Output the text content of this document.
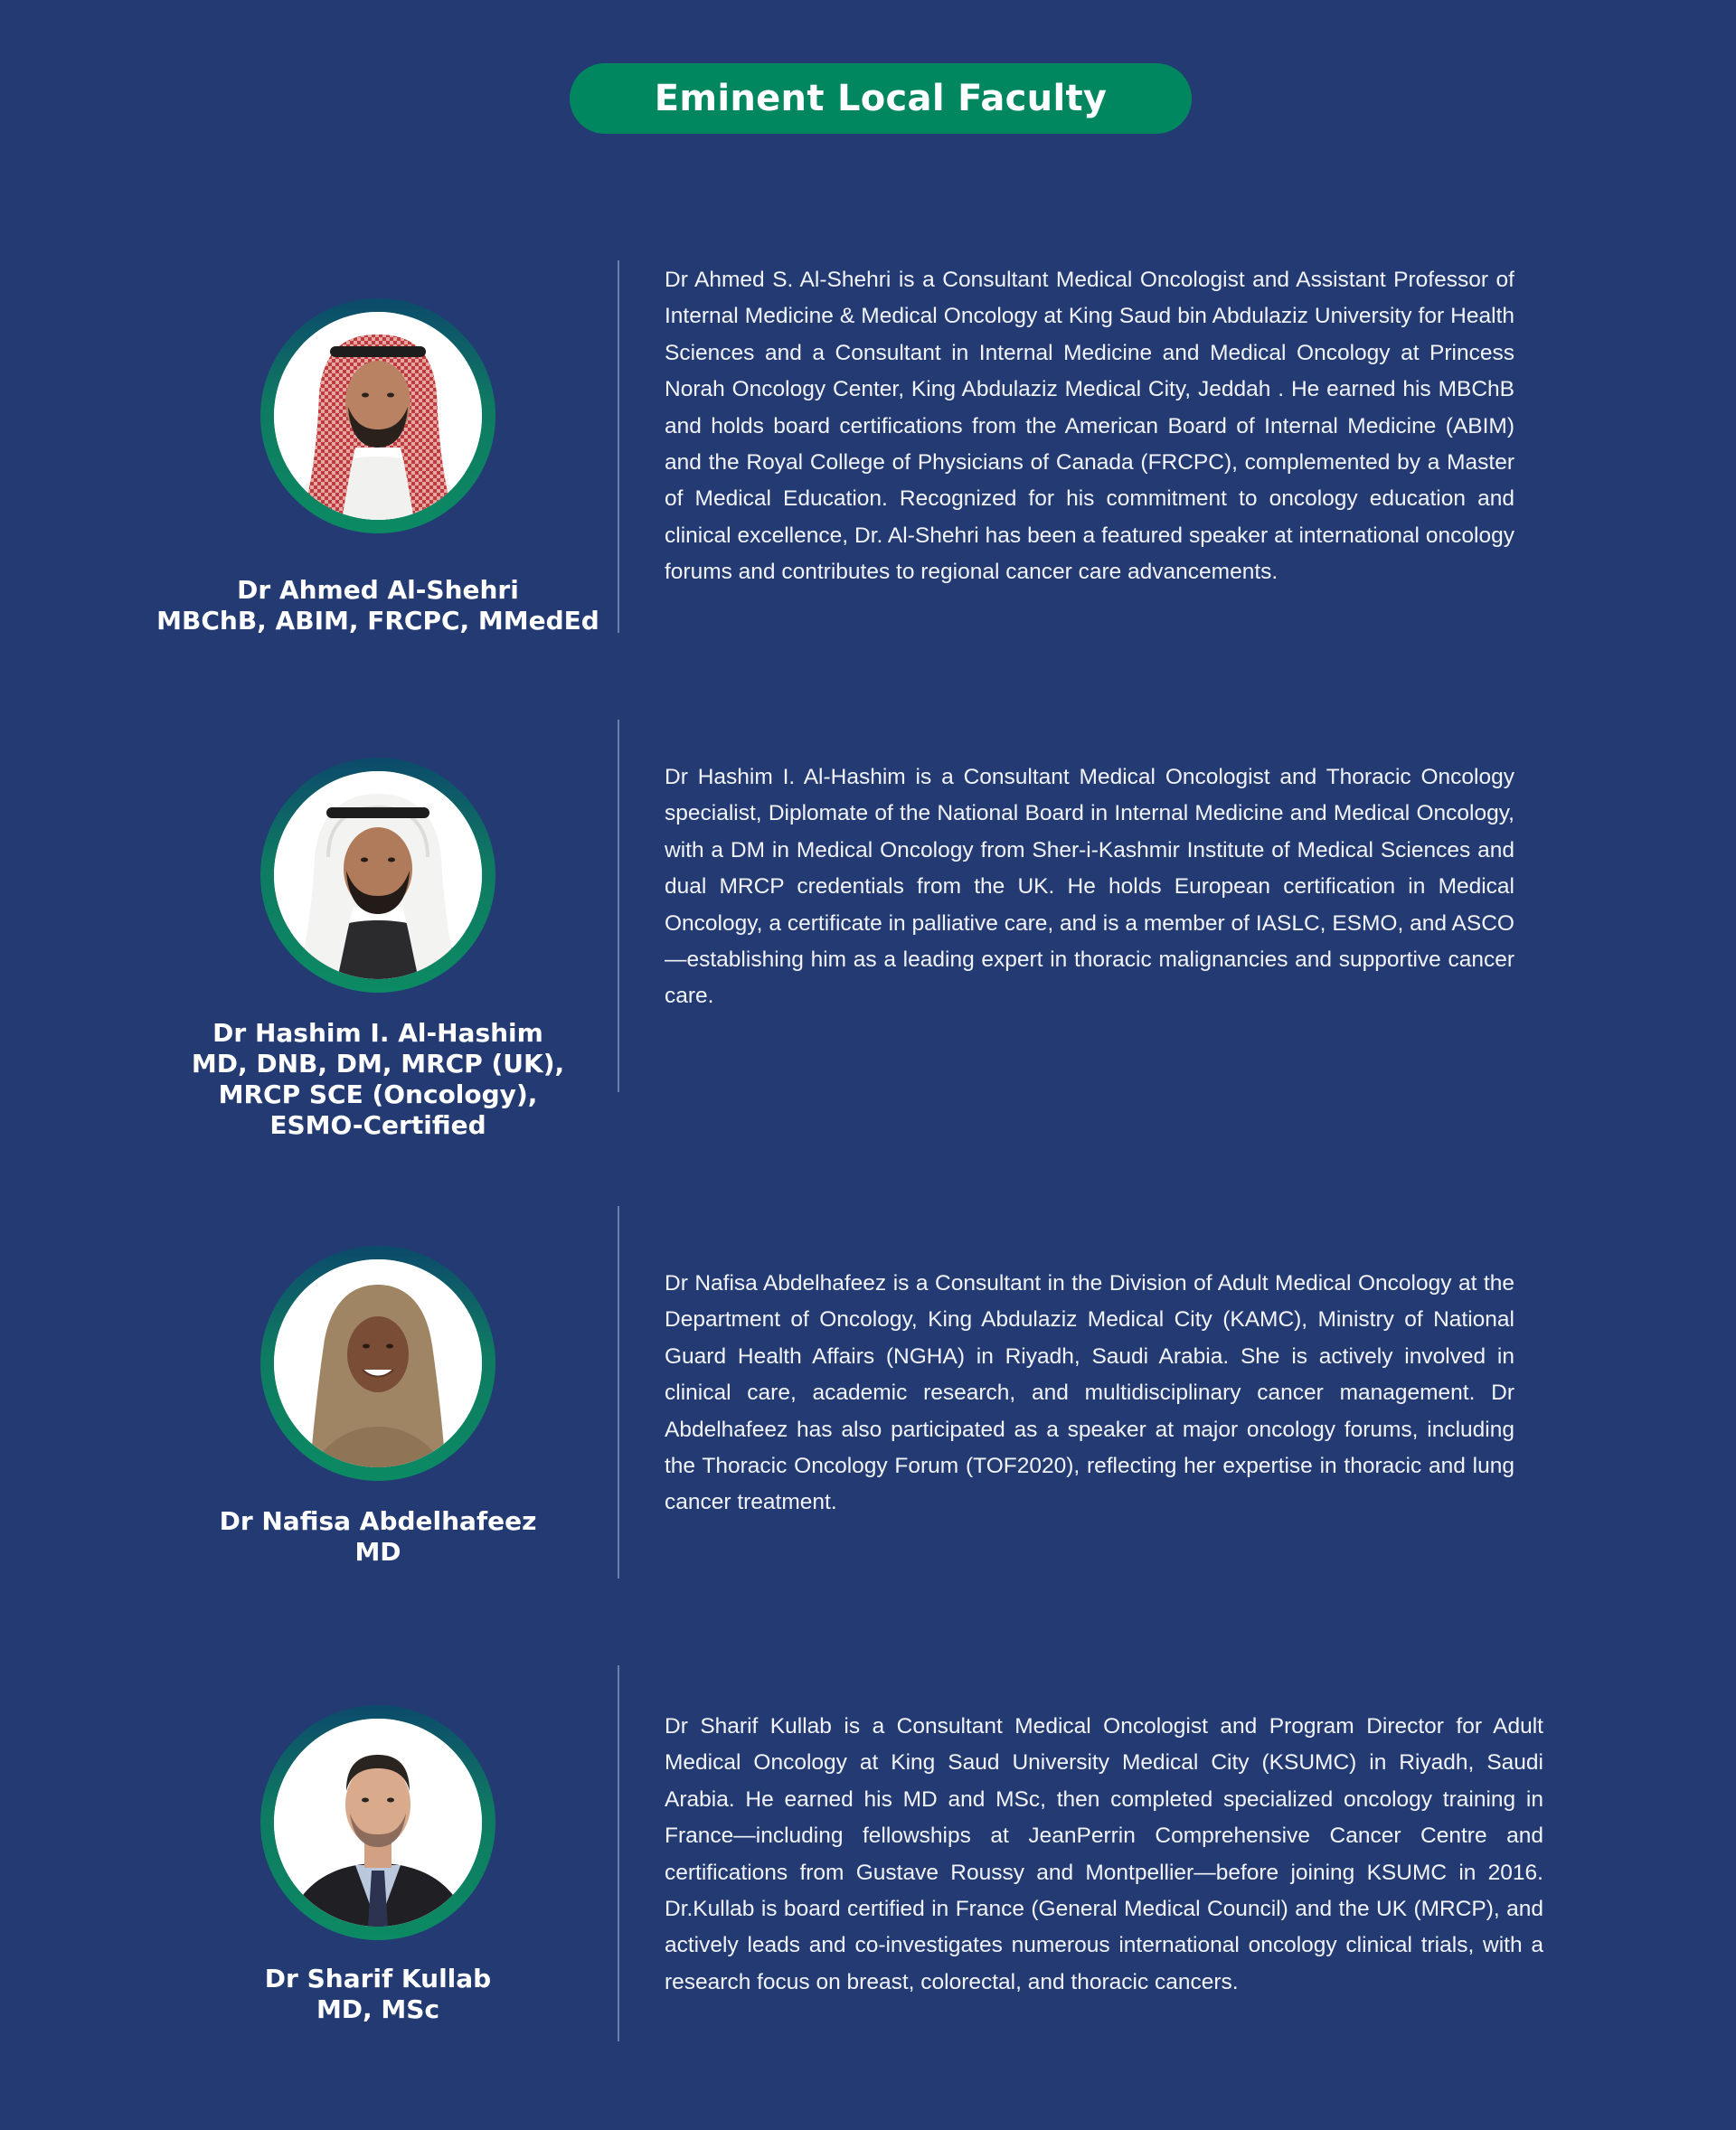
Eminent Local Faculty
Dr Ahmed Al-Shehri
MBChB, ABIM, FRCPC, MMedEd
Dr Ahmed S. Al-Shehri is a Consultant Medical Oncologist and Assistant Professor of Internal Medicine & Medical Oncology at King Saud bin Abdulaziz University for Health Sciences and a Consultant in Internal Medicine and Medical Oncology at Princess Norah Oncology Center, King Abdulaziz Medical City, Jeddah . He earned his MBChB and holds board certifications from the American Board of Internal Medicine (ABIM) and the Royal College of Physicians of Canada (FRCPC), complemented by a Master of Medical Education. Recognized for his commitment to oncology education and clinical excellence, Dr. Al-Shehri has been a featured speaker at international oncology forums and contributes to regional cancer care advancements.
Dr Hashim I. Al-Hashim
MD, DNB, DM, MRCP (UK),
MRCP SCE (Oncology),
ESMO-Certified
Dr Hashim I. Al-Hashim is a Consultant Medical Oncologist and Thoracic Oncology specialist, Diplomate of the National Board in Internal Medicine and Medical Oncology, with a DM in Medical Oncology from Sher-i-Kashmir Institute of Medical Sciences and dual MRCP credentials from the UK. He holds European certification in Medical Oncology, a certificate in palliative care, and is a member of IASLC, ESMO, and ASCO—establishing him as a leading expert in thoracic malignancies and supportive cancer care.
Dr Nafisa Abdelhafeez
MD
Dr Nafisa Abdelhafeez is a Consultant in the Division of Adult Medical Oncology at the Department of Oncology, King Abdulaziz Medical City (KAMC), Ministry of National Guard Health Affairs (NGHA) in Riyadh, Saudi Arabia. She is actively involved in clinical care, academic research, and multidisciplinary cancer management. Dr Abdelhafeez has also participated as a speaker at major oncology forums, including the Thoracic Oncology Forum (TOF2020), reflecting her expertise in thoracic and lung cancer treatment.
Dr Sharif Kullab
MD, MSc
Dr Sharif Kullab is a Consultant Medical Oncologist and Program Director for Adult Medical Oncology at King Saud University Medical City (KSUMC) in Riyadh, Saudi Arabia. He earned his MD and MSc, then completed specialized oncology training in France—including fellowships at Jean⁠Perrin Comprehensive Cancer Centre and certifications from Gustave Roussy and Montpellier—before joining KSUMC in 2016. Dr.⁠Kullab is board certified in France (General Medical Council) and the UK (MRCP), and actively leads and co-investigates numerous international oncology clinical trials, with a research focus on breast, colorectal, and thoracic cancers.
